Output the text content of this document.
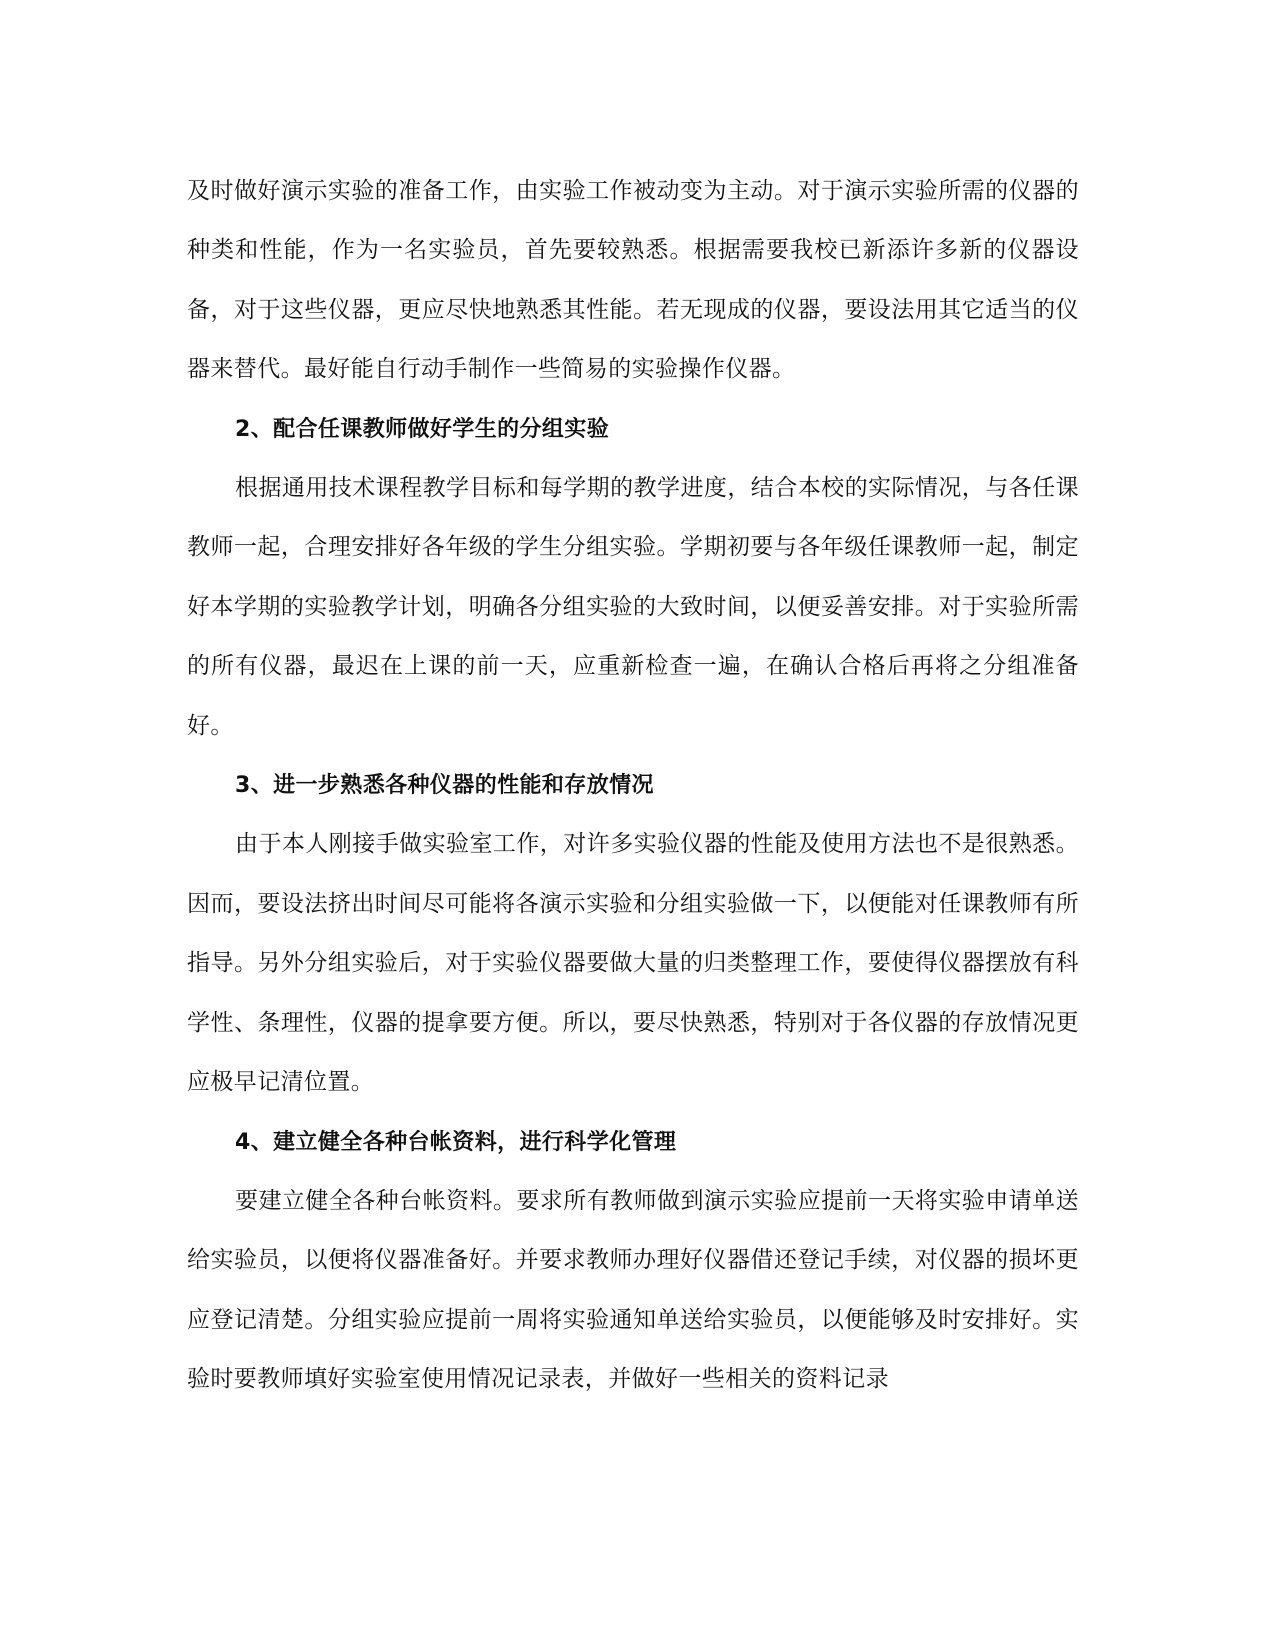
及时做好演示实验的准备工作，由实验工作被动变为主动。对于演示实验所需的仪器的种类和性能，作为一名实验员，首先要较熟悉。根据需要我校已新添许多新的仪器设备，对于这些仪器，更应尽快地熟悉其性能。若无现成的仪器，要设法用其它适当的仪器来替代。最好能自行动手制作一些简易的实验操作仪器。

2、配合任课教师做好学生的分组实验

根据通用技术课程教学目标和每学期的教学进度，结合本校的实际情况，与各任课教师一起，合理安排好各年级的学生分组实验。学期初要与各年级任课教师一起，制定好本学期的实验教学计划，明确各分组实验的大致时间，以便妥善安排。对于实验所需的所有仪器，最迟在上课的前一天，应重新检查一遍，在确认合格后再将之分组准备好。

3、进一步熟悉各种仪器的性能和存放情况

由于本人刚接手做实验室工作，对许多实验仪器的性能及使用方法也不是很熟悉。因而，要设法挤出时间尽可能将各演示实验和分组实验做一下，以便能对任课教师有所指导。另外分组实验后，对于实验仪器要做大量的归类整理工作，要使得仪器摆放有科学性、条理性，仪器的提拿要方便。所以，要尽快熟悉，特别对于各仪器的存放情况更应极早记清位置。

4、建立健全各种台帐资料，进行科学化管理

要建立健全各种台帐资料。要求所有教师做到演示实验应提前一天将实验申请单送给实验员，以便将仪器准备好。并要求教师办理好仪器借还登记手续，对仪器的损坏更应登记清楚。分组实验应提前一周将实验通知单送给实验员，以便能够及时安排好。实验时要教师填好实验室使用情况记录表，并做好一些相关的资料记录
